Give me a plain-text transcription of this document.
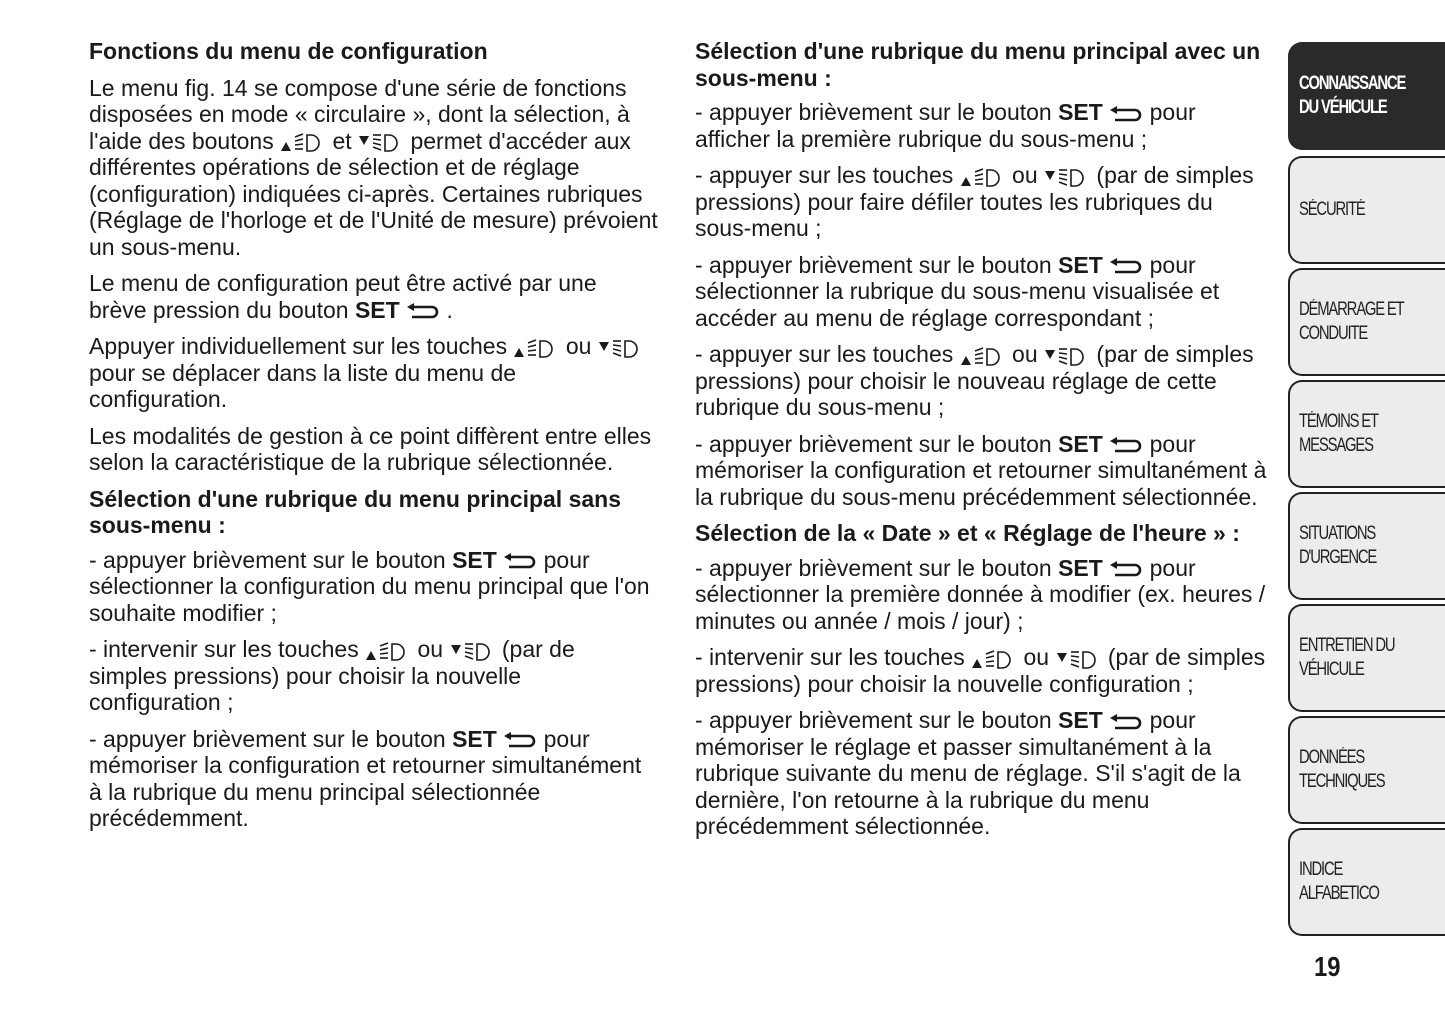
Fonctions du menu de configuration

Le menu fig. 14 se compose d'une série de fonctions disposées en mode « circulaire », dont la sélection, à l'aide des boutons	et	permet d'accéder aux différentes opérations de sélection et de réglage (configuration) indiquées ci-après. Certaines rubriques (Réglage de l'horloge et de l'Unité de mesure) prévoient un sous-menu.

Le menu de configuration peut être activé par une brève pression du bouton SET .

Appuyer individuellement sur les touches	ou
pour se déplacer dans la liste du menu de configuration.

Les modalités de gestion à ce point diffèrent entre elles selon la caractéristique de la rubrique sélectionnée.

Sélection d'une rubrique du menu principal sans sous-menu :

- appuyer brièvement sur le bouton SET pour sélectionner la configuration du menu principal que l'on souhaite modifier ;

- intervenir sur les touches	ou	(par de simples pressions) pour choisir la nouvelle configuration ;

- appuyer brièvement sur le bouton SET pour mémoriser la configuration et retourner simultanément à la rubrique du menu principal sélectionnée précédemment.

Sélection d'une rubrique du menu principal avec un sous-menu :

- appuyer brièvement sur le bouton SET pour afficher la première rubrique du sous-menu ;

- appuyer sur les touches	ou	(par de simples pressions) pour faire défiler toutes les rubriques du sous-menu ;

- appuyer brièvement sur le bouton SET pour sélectionner la rubrique du sous-menu visualisée et accéder au menu de réglage correspondant ;

- appuyer sur les touches	ou	(par de simples pressions) pour choisir le nouveau réglage de cette rubrique du sous-menu ;

- appuyer brièvement sur le bouton SET pour mémoriser la configuration et retourner simultanément à la rubrique du sous-menu précédemment sélectionnée.

Sélection de la « Date » et « Réglage de l'heure » :

- appuyer brièvement sur le bouton SET pour sélectionner la première donnée à modifier (ex. heures / minutes ou année / mois / jour) ;

- intervenir sur les touches	ou	(par de simples pressions) pour choisir la nouvelle configuration ;

- appuyer brièvement sur le bouton SET pour mémoriser le réglage et passer simultanément à la rubrique suivante du menu de réglage. S'il s'agit de la dernière, l'on retourne à la rubrique du menu précédemment sélectionnée.

CONNAISSANCE
DU VÉHICULE
SÉCURITÉ
DÉMARRAGE ET
CONDUITE
TÉMOINS ET
MESSAGES
SITUATIONS
D'URGENCE
ENTRETIEN DU
VÉHICULE
DONNÉES
TECHNIQUES
INDICE ALFABETICO
19
